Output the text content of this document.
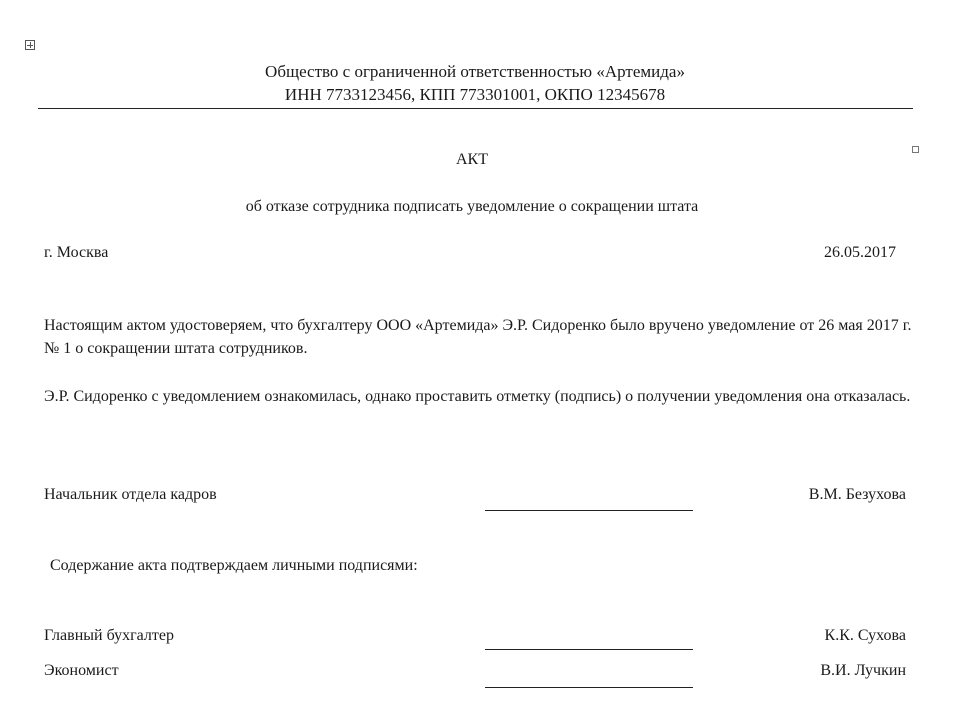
Общество с ограниченной ответственностью «Артемида»
ИНН 7733123456, КПП 773301001, ОКПО 12345678
АКТ
об отказе сотрудника подписать уведомление о сокращении штата
г. Москва	26.05.2017
Настоящим актом удостоверяем, что бухгалтеру ООО «Артемида» Э.Р. Сидоренко было вручено уведомление от 26 мая 2017 г. № 1 о сокращении штата сотрудников.
Э.Р. Сидоренко с уведомлением ознакомилась, однако проставить отметку (подпись) о получении уведомления она отказалась.
Начальник отдела кадров	В.М. Безухова
Содержание акта подтверждаем личными подписями:
Главный бухгалтер	К.К. Сухова
Экономист	В.И. Лучкин
